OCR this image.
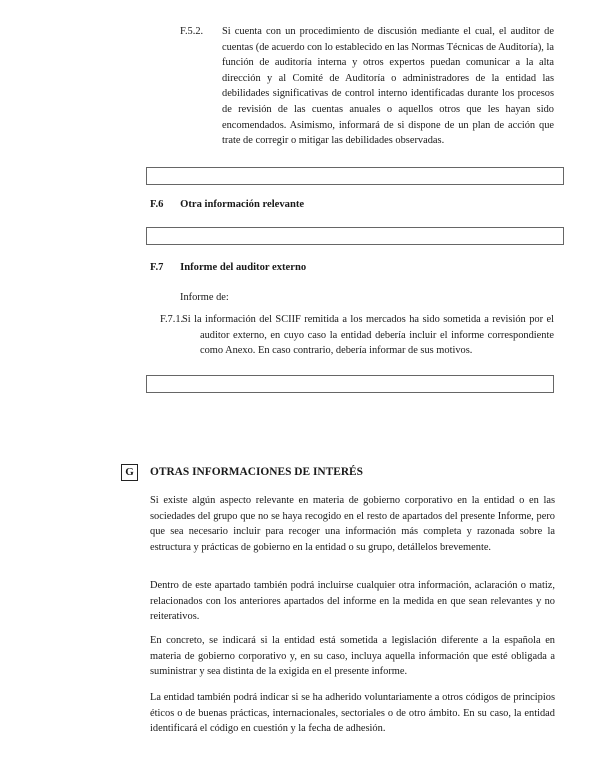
F.5.2. Si cuenta con un procedimiento de discusión mediante el cual, el auditor de cuentas (de acuerdo con lo establecido en las Normas Técnicas de Auditoría), la función de auditoría interna y otros expertos puedan comunicar a la alta dirección y al Comité de Auditoría o administradores de la entidad las debilidades significativas de control interno identificadas durante los procesos de revisión de las cuentas anuales o aquellos otros que les hayan sido encomendados. Asimismo, informará de si dispone de un plan de acción que trate de corregir o mitigar las debilidades observadas.
F.6 Otra información relevante
F.7 Informe del auditor externo
Informe de:
F.7.1.
Si la información del SCIIF remitida a los mercados ha sido sometida a revisión por el auditor externo, en cuyo caso la entidad debería incluir el informe correspondiente como Anexo. En caso contrario, debería informar de sus motivos.
G	OTRAS INFORMACIONES DE INTERÉS
Si existe algún aspecto relevante en materia de gobierno corporativo en la entidad o en las sociedades del grupo que no se haya recogido en el resto de apartados del presente Informe, pero que sea necesario incluir para recoger una información más completa y razonada sobre la estructura y prácticas de gobierno en la entidad o su grupo, detállelos brevemente.
Dentro de este apartado también podrá incluirse cualquier otra información, aclaración o matiz, relacionados con los anteriores apartados del informe en la medida en que sean relevantes y no reiterativos.
En concreto, se indicará si la entidad está sometida a legislación diferente a la española en materia de gobierno corporativo y, en su caso, incluya aquella información que esté obligada a suministrar y sea distinta de la exigida en el presente informe.
La entidad también podrá indicar si se ha adherido voluntariamente a otros códigos de principios éticos o de buenas prácticas, internacionales, sectoriales o de otro ámbito. En su caso, la entidad identificará el código en cuestión y la fecha de adhesión.
